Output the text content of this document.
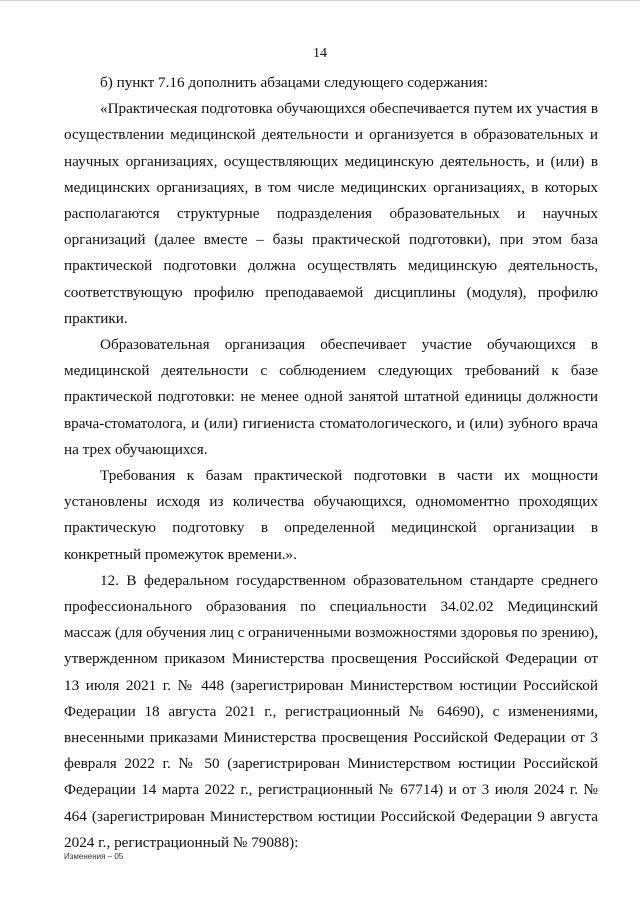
14

б) пункт 7.16 дополнить абзацами следующего содержания:

«Практическая подготовка обучающихся обеспечивается путем их участия в осуществлении медицинской деятельности и организуется в образовательных и научных организациях, осуществляющих медицинскую деятельность, и (или) в медицинских организациях, в том числе медицинских организациях, в которых располагаются структурные подразделения образовательных и научных организаций (далее вместе – базы практической подготовки), при этом база практической подготовки должна осуществлять медицинскую деятельность, соответствующую профилю преподаваемой дисциплины (модуля), профилю практики.

Образовательная организация обеспечивает участие обучающихся в медицинской деятельности с соблюдением следующих требований к базе практической подготовки: не менее одной занятой штатной единицы должности врача-стоматолога, и (или) гигиениста стоматологического, и (или) зубного врача на трех обучающихся.

Требования к базам практической подготовки в части их мощности установлены исходя из количества обучающихся, одномоментно проходящих практическую подготовку в определенной медицинской организации в конкретный промежуток времени.».

12. В федеральном государственном образовательном стандарте среднего профессионального образования по специальности 34.02.02 Медицинский массаж (для обучения лиц с ограниченными возможностями здоровья по зрению), утвержденном приказом Министерства просвещения Российской Федерации от 13 июля 2021 г. № 448 (зарегистрирован Министерством юстиции Российской Федерации 18 августа 2021 г., регистрационный № 64690), с изменениями, внесенными приказами Министерства просвещения Российской Федерации от 3 февраля 2022 г. № 50 (зарегистрирован Министерством юстиции Российской Федерации 14 марта 2022 г., регистрационный № 67714) и от 3 июля 2024 г. № 464 (зарегистрирован Министерством юстиции Российской Федерации 9 августа 2024 г., регистрационный № 79088):

Изменения – 05
